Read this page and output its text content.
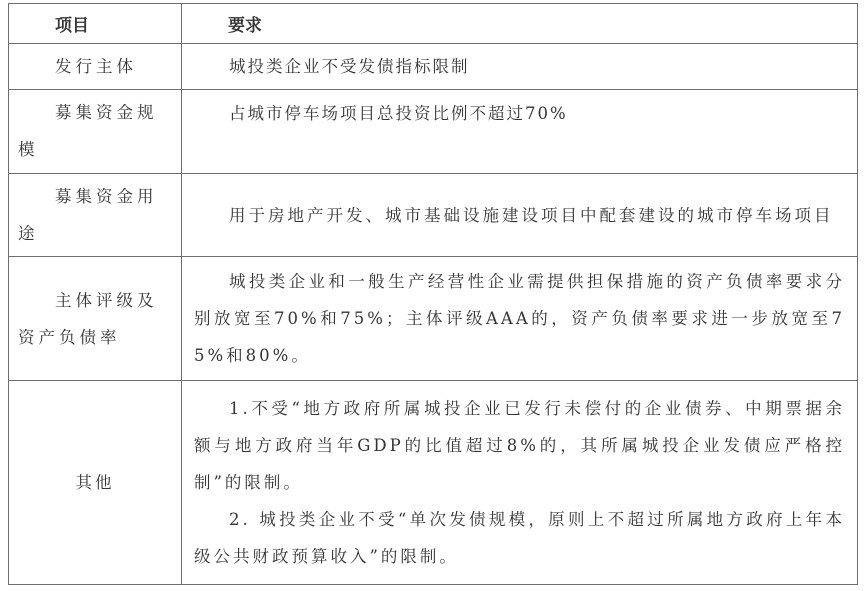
项目	要求

发行主体	城投类企业不受发债指标限制

募集资金规模	占城市停车场项目总投资比例不超过70%

募集资金用途	用于房地产开发、城市基础设施建设项目中配套建设的城市停车场项目

主体评级及资产负债率	城投类企业和一般生产经营性企业需提供担保措施的资产负债率要求分别放宽至70%和75%；主体评级AAA的，资产负债率要求进一步放宽至75%和80%。

其他	1.不受“地方政府所属城投企业已发行未偿付的企业债券、中期票据余额与地方政府当年GDP的比值超过8%的，其所属城投企业发债应严格控制”的限制。
2. 城投类企业不受“单次发债规模，原则上不超过所属地方政府上年本级公共财政预算收入”的限制。
